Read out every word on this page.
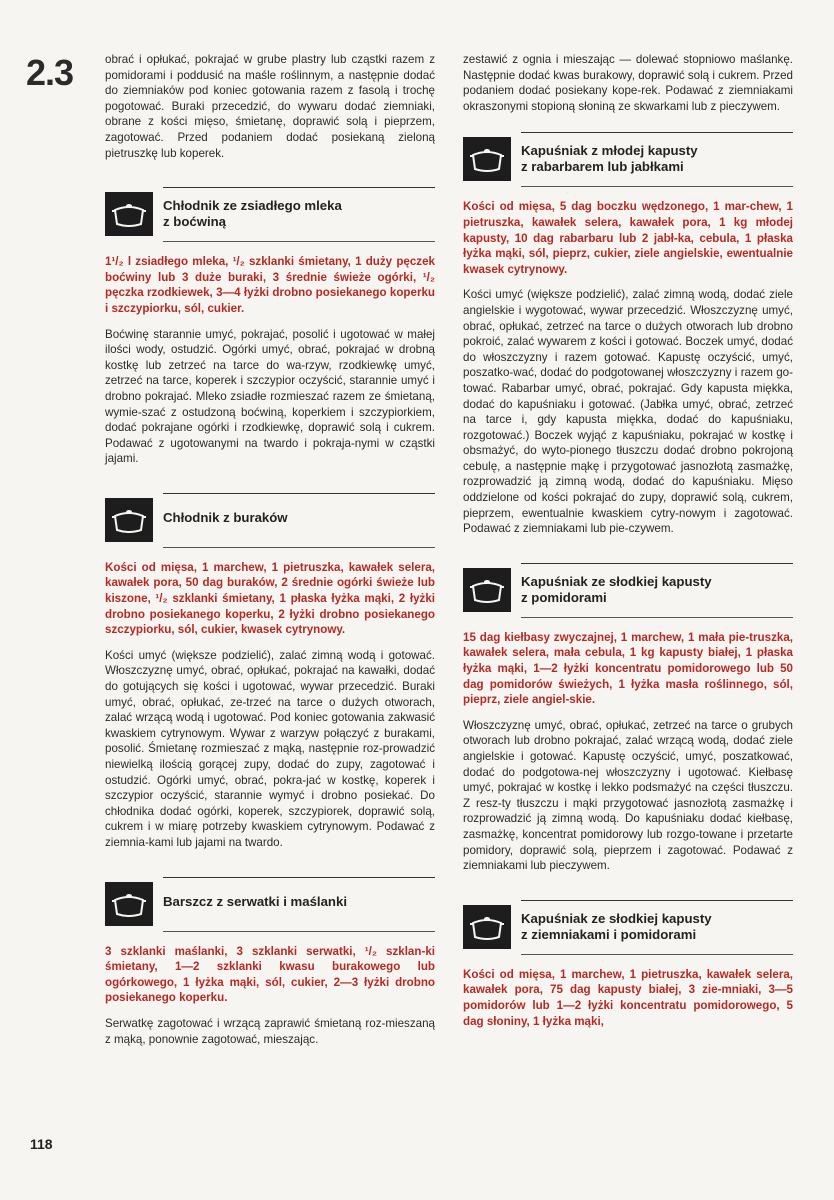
2.3	obrać i opłukać, pokrajać w grube plastry lub cząstki razem z pomidorami i poddusić na maśle roślinnym, a następnie dodać do ziemniaków pod koniec gotowania razem z fasolą i trochę pogotować. Buraki przecedzić, do wywaru dodać ziemniaki, obrane z kości mięso, śmietanę, doprawić solą i pieprzem, zagotować. Przed podaniem dodać posiekaną zieloną pietruszkę lub koperek.

Chłodnik ze zsiadłego mleka
z boćwiną

1¹/₂ l zsiadłego mleka, ¹/₂ szklanki śmietany, 1 duży pęczek boćwiny lub 3 duże buraki, 3 średnie świeże ogórki, ¹/₂ pęczka rzodkiewek, 3—4 łyżki drobno posiekanego koperku i szczypiorku, sól, cukier.

Boćwinę starannie umyć, pokrajać, posolić i ugotować w małej ilości wody, ostudzić. Ogórki umyć, obrać, pokrajać w drobną kostkę lub zetrzeć na tarce do wa-rzyw, rzodkiewkę umyć, zetrzeć na tarce, koperek i szczypior oczyścić, starannie umyć i drobno pokrajać. Mleko zsiadłe rozmieszać razem ze śmietaną, wymie-szać z ostudzoną boćwiną, koperkiem i szczypiorkiem, dodać pokrajane ogórki i rzodkiewkę, doprawić solą i cukrem. Podawać z ugotowanymi na twardo i pokraja-nymi w cząstki jajami.

Chłodnik z buraków

Kości od mięsa, 1 marchew, 1 pietruszka, kawałek selera, kawałek pora, 50 dag buraków, 2 średnie ogórki świeże lub kiszone, ¹/₂ szklanki śmietany, 1 płaska łyżka mąki, 2 łyżki drobno posiekanego koperku, 2 łyżki drobno posiekanego szczypiorku, sól, cukier, kwasek cytrynowy.

Kości umyć (większe podzielić), zalać zimną wodą i gotować. Włoszczyznę umyć, obrać, opłukać, pokrajać na kawałki, dodać do gotujących się kości i ugotować, wywar przecedzić. Buraki umyć, obrać, opłukać, ze-trzeć na tarce o dużych otworach, zalać wrzącą wodą i ugotować. Pod koniec gotowania zakwasić kwaskiem cytrynowym. Wywar z warzyw połączyć z burakami, posolić. Śmietanę rozmieszać z mąką, następnie roz-prowadzić niewielką ilością gorącej zupy, dodać do zupy, zagotować i ostudzić. Ogórki umyć, obrać, pokra-jać w kostkę, koperek i szczypior oczyścić, starannie wymyć i drobno posiekać. Do chłodnika dodać ogórki, koperek, szczypiorek, doprawić solą, cukrem i w miarę potrzeby kwaskiem cytrynowym. Podawać z ziemnia-kami lub jajami na twardo.

Barszcz z serwatki i maślanki

3 szklanki maślanki, 3 szklanki serwatki, ¹/₂ szklan-ki śmietany, 1—2 szklanki kwasu burakowego lub ogórkowego, 1 łyżka mąki, sól, cukier, 2—3 łyżki drobno posiekanego koperku.

Serwatkę zagotować i wrzącą zaprawić śmietaną roz-mieszaną z mąką, ponownie zagotować, mieszając.

zestawić z ognia i mieszając — dolewać stopniowo maślankę. Następnie dodać kwas burakowy, doprawić solą i cukrem. Przed podaniem dodać posiekany kope-rek. Podawać z ziemniakami okraszonymi stopioną słoniną ze skwarkami lub z pieczywem.

Kapuśniak z młodej kapusty
z rabarbarem lub jabłkami

Kości od mięsa, 5 dag boczku wędzonego, 1 mar-chew, 1 pietruszka, kawałek selera, kawałek pora, 1 kg młodej kapusty, 10 dag rabarbaru lub 2 jabł-ka, cebula, 1 płaska łyżka mąki, sól, pieprz, cukier, ziele angielskie, ewentualnie kwasek cytrynowy.

Kości umyć (większe podzielić), zalać zimną wodą, dodać ziele angielskie i wygotować, wywar przecedzić. Włoszczyznę umyć, obrać, opłukać, zetrzeć na tarce o dużych otworach lub drobno pokroić, zalać wywarem z kości i gotować. Boczek umyć, dodać do włoszczyzny i razem gotować. Kapustę oczyścić, umyć, poszatko-wać, dodać do podgotowanej włoszczyzny i razem go-tować. Rabarbar umyć, obrać, pokrajać. Gdy kapusta miękka, dodać do kapuśniaku i gotować. (Jabłka umyć, obrać, zetrzeć na tarce i, gdy kapusta miękka, dodać do kapuśniaku, rozgotować.) Boczek wyjąć z kapuśniaku, pokrajać w kostkę i obsmażyć, do wyto-pionego tłuszczu dodać drobno pokrojoną cebulę, a następnie mąkę i przygotować jasnozłotą zasmażkę, rozprowadzić ją zimną wodą, dodać do kapuśniaku. Mięso oddzielone od kości pokrajać do zupy, doprawić solą, cukrem, pieprzem, ewentualnie kwaskiem cytry-nowym i zagotować. Podawać z ziemniakami lub pie-czywem.

Kapuśniak ze słodkiej kapusty
z pomidorami

15 dag kiełbasy zwyczajnej, 1 marchew, 1 mała pie-truszka, kawałek selera, mała cebula, 1 kg kapusty białej, 1 płaska łyżka mąki, 1—2 łyżki koncentratu pomidorowego lub 50 dag pomidorów świeżych, 1 łyżka masła roślinnego, sól, pieprz, ziele angiel-skie.

Włoszczyznę umyć, obrać, opłukać, zetrzeć na tarce o grubych otworach lub drobno pokrajać, zalać wrzącą wodą, dodać ziele angielskie i gotować. Kapustę oczyścić, umyć, poszatkować, dodać do podgotowa-nej włoszczyzny i ugotować. Kiełbasę umyć, pokrajać w kostkę i lekko podsmażyć na części tłuszczu. Z resz-ty tłuszczu i mąki przygotować jasnozłotą zasmażkę i rozprowadzić ją zimną wodą. Do kapuśniaku dodać kiełbasę, zasmażkę, koncentrat pomidorowy lub rozgo-towane i przetarte pomidory, doprawić solą, pieprzem i zagotować. Podawać z ziemniakami lub pieczywem.

Kapuśniak ze słodkiej kapusty
z ziemniakami i pomidorami

Kości od mięsa, 1 marchew, 1 pietruszka, kawałek selera, kawałek pora, 75 dag kapusty białej, 3 zie-mniaki, 3—5 pomidorów lub 1—2 łyżki koncentratu pomidorowego, 5 dag słoniny, 1 łyżka mąki,

118
